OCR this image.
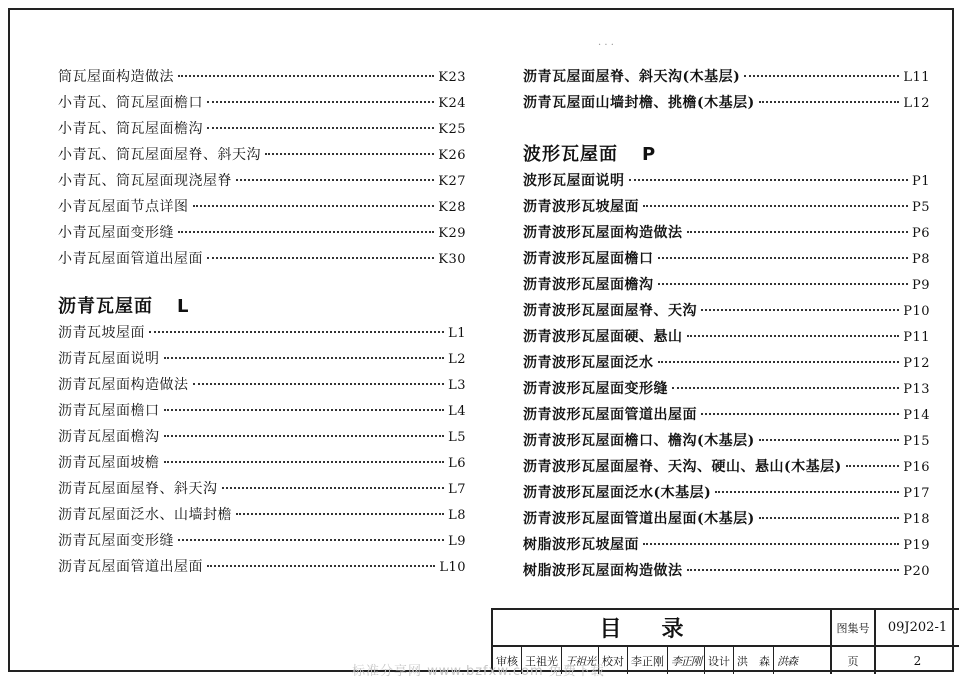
· · ·
筒瓦屋面构造做法	K23
小青瓦、筒瓦屋面檐口	K24
小青瓦、筒瓦屋面檐沟	K25
小青瓦、筒瓦屋面屋脊、斜天沟	K26
小青瓦、筒瓦屋面现浇屋脊	K27
小青瓦屋面节点详图	K28
小青瓦屋面变形缝	K29
小青瓦屋面管道出屋面	K30
沥青瓦屋面 L
沥青瓦坡屋面	L1
沥青瓦屋面说明	L2
沥青瓦屋面构造做法	L3
沥青瓦屋面檐口	L4
沥青瓦屋面檐沟	L5
沥青瓦屋面坡檐	L6
沥青瓦屋面屋脊、斜天沟	L7
沥青瓦屋面泛水、山墙封檐	L8
沥青瓦屋面变形缝	L9
沥青瓦屋面管道出屋面	L10
沥青瓦屋面屋脊、斜天沟(木基层)	L11
沥青瓦屋面山墙封檐、挑檐(木基层)	L12
波形瓦屋面 P
波形瓦屋面说明	P1
沥青波形瓦坡屋面	P5
沥青波形瓦屋面构造做法	P6
沥青波形瓦屋面檐口	P8
沥青波形瓦屋面檐沟	P9
沥青波形瓦屋面屋脊、天沟	P10
沥青波形瓦屋面硬、悬山	P11
沥青波形瓦屋面泛水	P12
沥青波形瓦屋面变形缝	P13
沥青波形瓦屋面管道出屋面	P14
沥青波形瓦屋面檐口、檐沟(木基层)	P15
沥青波形瓦屋面屋脊、天沟、硬山、悬山(木基层)	P16
沥青波形瓦屋面泛水(木基层)	P17
沥青波形瓦屋面管道出屋面(木基层)	P18
树脂波形瓦坡屋面	P19
树脂波形瓦屋面构造做法	P20
目录	图集号	09J202-1
审核 王祖光 王祖光 校对 李正刚 李正刚 设计 洪　森 洪森	页	2
标准分享网 www.bzfxw.com 免费下载
